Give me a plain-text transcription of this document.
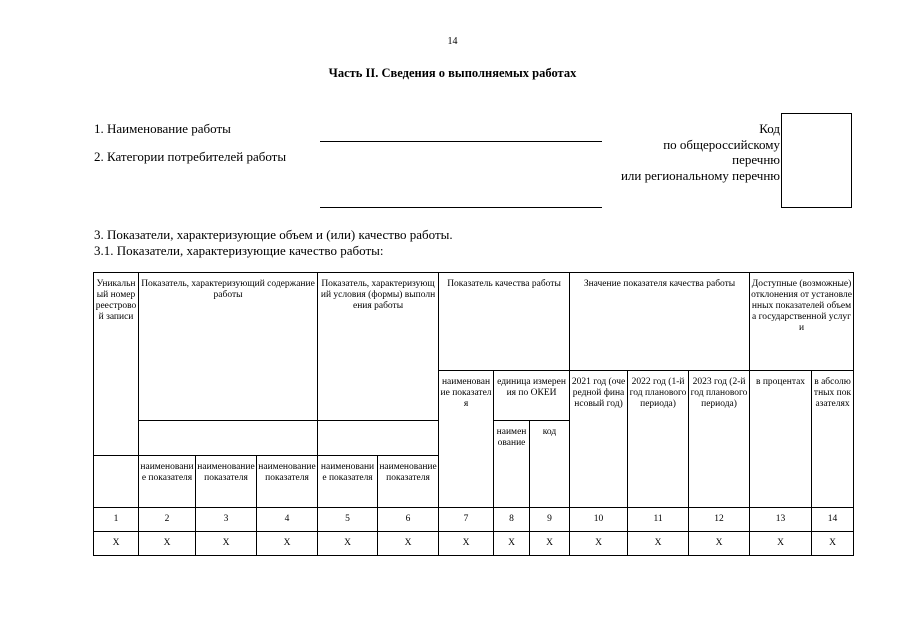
14
Часть II. Сведения о выполняемых работах
1. Наименование работы
2. Категории потребителей работы
Код
по общероссийскому
перечню
или региональному перечню
3. Показатели, характеризующие объем и (или) качество работы.
3.1. Показатели, характеризующие качество работы:
Уникальный номер реестровой записи	Показатель, характеризующий содержание работы			Показатель, характеризующий условия (формы) выполнения работы		Показатель качества работы			Значение показателя качества работы			Доступные (возможные) отклонения от установленных показателей объема государственной услуги	
						наименование показателя	единица измерения по ОКЕИ		2021 год (очередной финансовый год)	2022 год (1-й год планового периода)	2023 год (2-й год планового периода)	в процентах	в абсолютных показателях
							наименование	код					
	наименование показателя	наименование показателя	наименование показателя	наименование показателя	наименование показателя								
1	2	3	4	5	6	7	8	9	10	11	12	13	14
Х	Х	Х	Х	Х	Х	Х	Х	Х	Х	Х	Х	Х	Х
